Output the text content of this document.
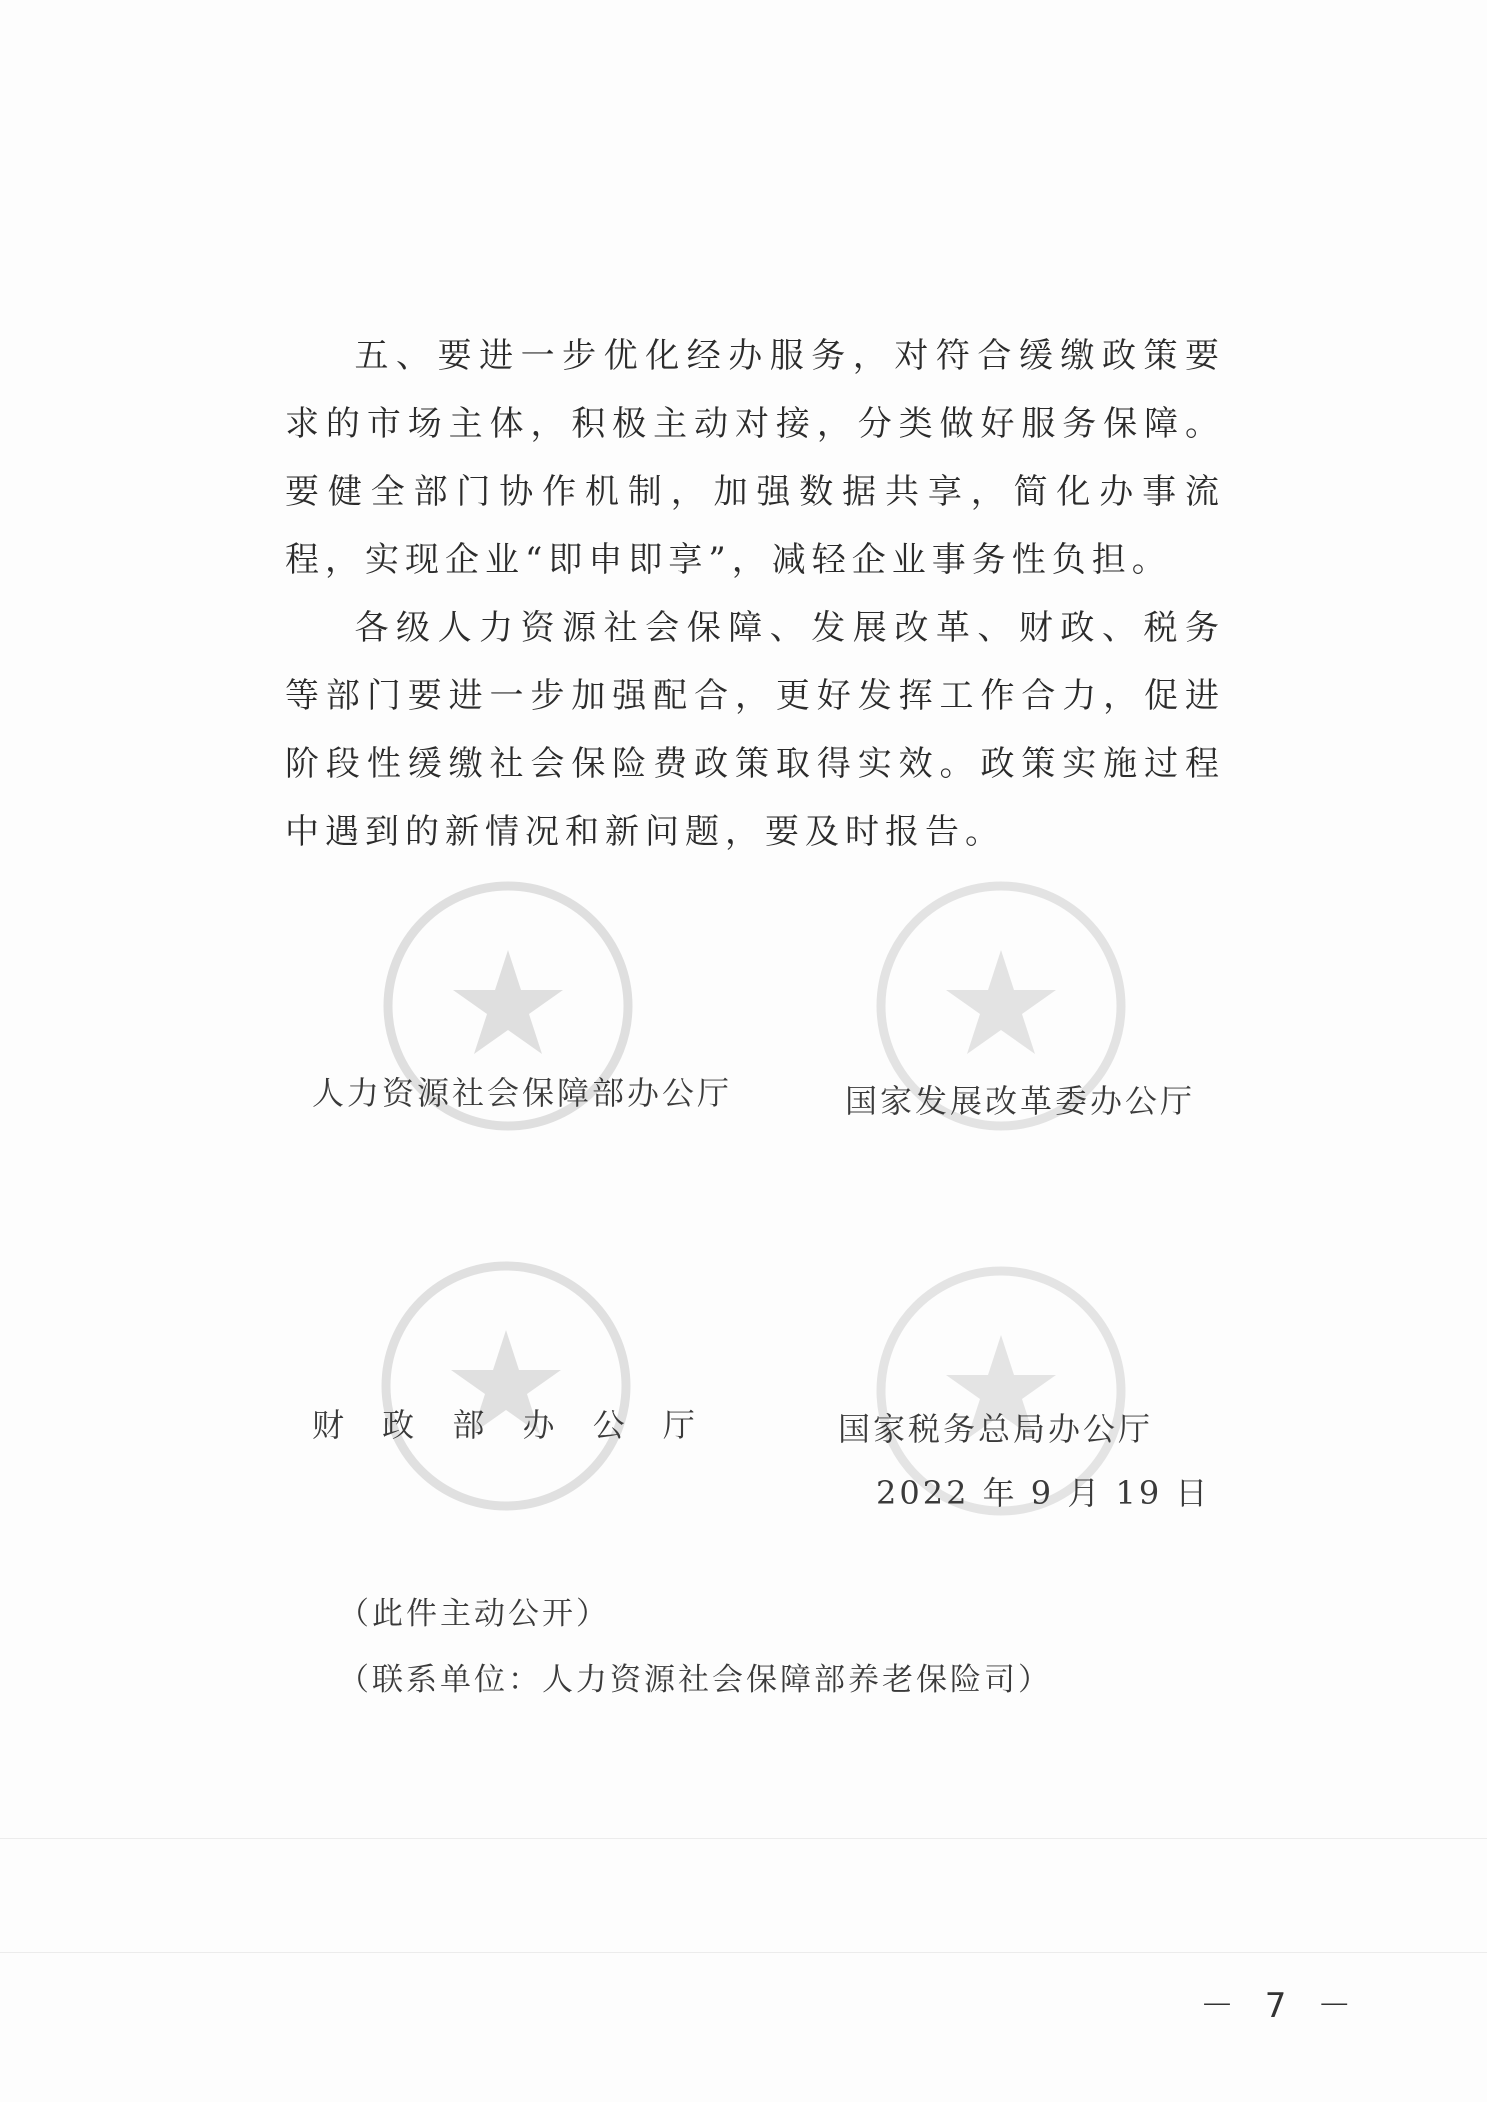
五、要进一步优化经办服务，对符合缓缴政策要求的市场主体，积极主动对接，分类做好服务保障。要健全部门协作机制，加强数据共享，简化办事流程，实现企业“即申即享”，减轻企业事务性负担。

各级人力资源社会保障、发展改革、财政、税务等部门要进一步加强配合，更好发挥工作合力，促进阶段性缓缴社会保险费政策取得实效。政策实施过程中遇到的新情况和新问题，要及时报告。

人力资源社会保障部办公厅	国家发展改革委办公厅
财 政 部 办 公 厅	国家税务总局办公厅
2022 年 9 月 19 日
（此件主动公开）
（联系单位：人力资源社会保障部养老保险司）
－ 7 －
